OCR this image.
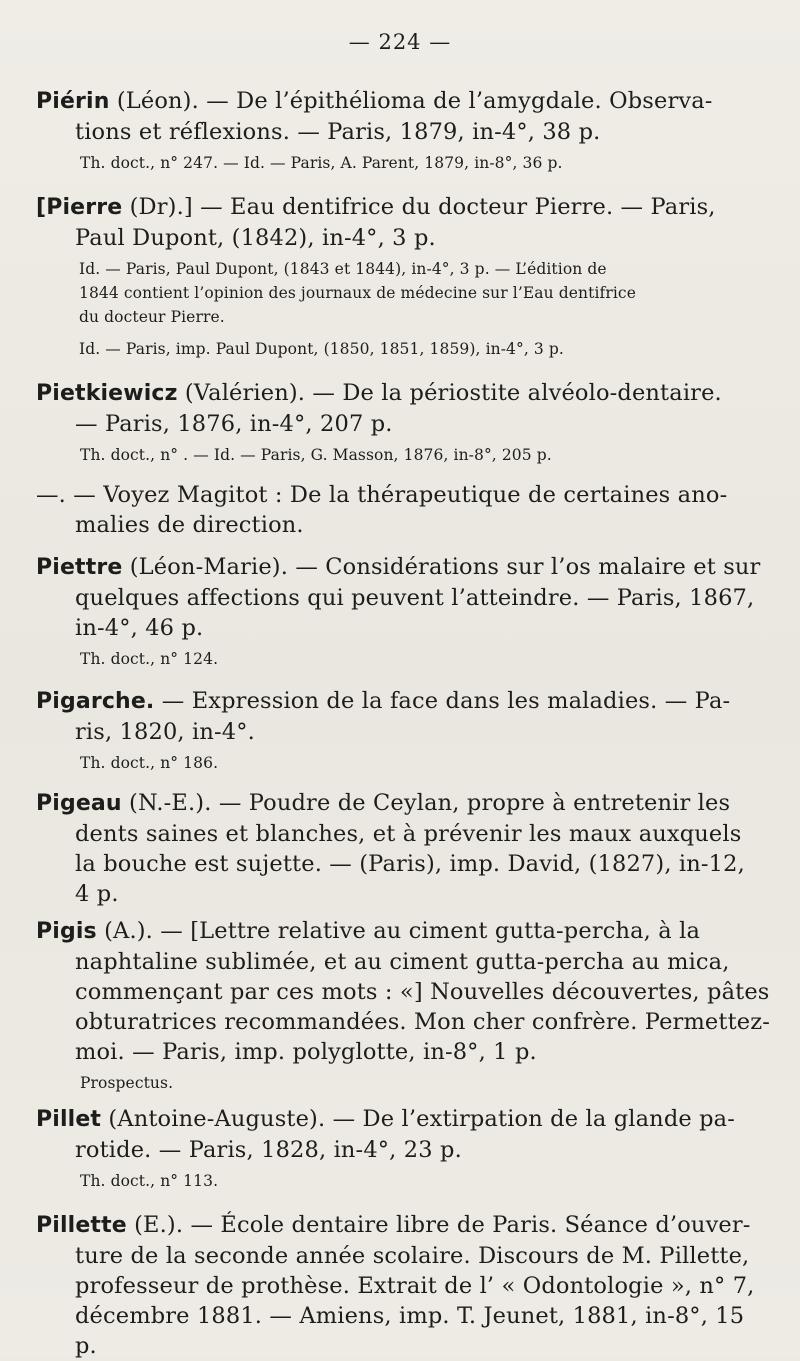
— 224 —

Piérin (Léon). — De l’épithélioma de l’amygdale. Observa-
tions et réflexions. — Paris, 1879, in-4°, 38 p.

Th. doct., n° 247. — Id. — Paris, A. Parent, 1879, in-8°, 36 p.

[Pierre (Dr).] — Eau dentifrice du docteur Pierre. — Paris,
Paul Dupont, (1842), in-4°, 3 p.

Id. — Paris, Paul Dupont, (1843 et 1844), in-4°, 3 p. — L’édition de
1844 contient l’opinion des journaux de médecine sur l’Eau dentifrice
du docteur Pierre.

Id. — Paris, imp. Paul Dupont, (1850, 1851, 1859), in-4°, 3 p.

Pietkiewicz (Valérien). — De la périostite alvéolo-dentaire.
— Paris, 1876, in-4°, 207 p.

Th. doct., n° . — Id. — Paris, G. Masson, 1876, in-8°, 205 p.

—. — Voyez Magitot : De la thérapeutique de certaines ano-
malies de direction.

Piettre (Léon-Marie). — Considérations sur l’os malaire et sur
quelques affections qui peuvent l’atteindre. — Paris, 1867,
in-4°, 46 p.

Th. doct., n° 124.

Pigarche. — Expression de la face dans les maladies. — Pa-
ris, 1820, in-4°.

Th. doct., n° 186.

Pigeau (N.-E.). — Poudre de Ceylan, propre à entretenir les
dents saines et blanches, et à prévenir les maux auxquels
la bouche est sujette. — (Paris), imp. David, (1827), in-12,
4 p.

Pigis (A.). — [Lettre relative au ciment gutta-percha, à la
naphtaline sublimée, et au ciment gutta-percha au mica,
commençant par ces mots : «] Nouvelles découvertes, pâtes
obturatrices recommandées. Mon cher confrère. Permettez-
moi. — Paris, imp. polyglotte, in-8°, 1 p.

Prospectus.

Pillet (Antoine-Auguste). — De l’extirpation de la glande pa-
rotide. — Paris, 1828, in-4°, 23 p.

Th. doct., n° 113.

Pillette (E.). — École dentaire libre de Paris. Séance d’ouver-
ture de la seconde année scolaire. Discours de M. Pillette,
professeur de prothèse. Extrait de l’ « Odontologie », n° 7,
décembre 1881. — Amiens, imp. T. Jeunet, 1881, in-8°, 15 p.
